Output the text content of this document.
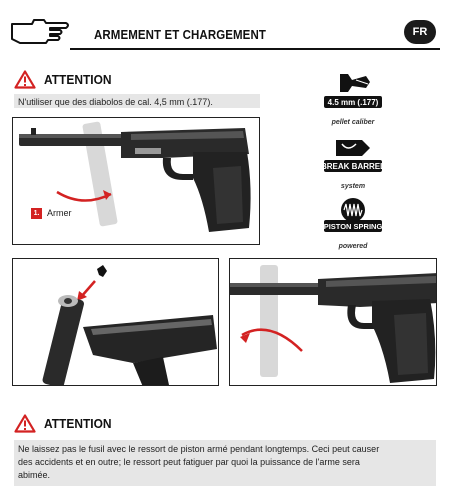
ARMEMENT ET CHARGEMENT	FR
ATTENTION
N'utiliser que des diabolos de cal. 4,5 mm (.177).
1. Armer
4.5 mm (.177)
pellet caliber
BREAK BARREL
system
PISTON SPRING
powered
ATTENTION
Ne laissez pas le fusil avec le ressort de piston armé pendant longtemps. Ceci peut causer
des accidents et en outre; le ressort peut fatiguer par quoi la puissance de l'arme sera
abimée.
